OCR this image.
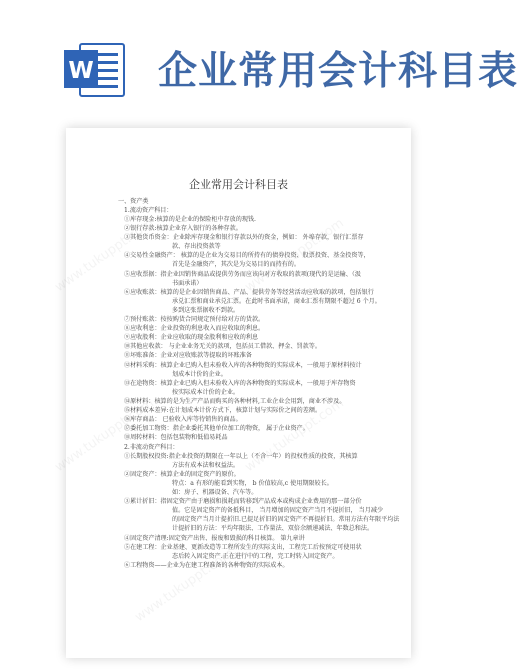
W 企业常用会计科目表
企业常用会计科目表
一、资产类
1.流动资产科目：
①库存现金:核算的是企业的保险柜中存放的现钱.
②银行存款:核算企业存入银行的各种存款。
③其他货币资金：企业除库存现金和银行存款以外的资金，例如： 外埠存款，银行汇票存
款、存出投资款等
④交易性金融资产： 核算的是企业为交易目的所持有的债券投资、股票投资、基金投资等，
首先是金融资产，其次是为交易目的而持有的。
⑤应收票据：指企业因销售商品或提供劳务而应该向对方收取的款项(现代的是运输、（汲
书面承诺）
⑥应收账款：核算的是企业因销售商品、产品、提供劳务等经营活动应收取的款项，包括银行
承兑汇票和商业承兑汇票。在此时书面承诺，商业汇票有期限不超过 6 个月。
多到这张票据收不到款。
⑦预付账款：按按购货合同规定预付给对方的货款。
⑧应收利息：企业投资的利息收入而应收取的利息。
⑨应收股利：企业应收取的现金股利和应收的利息
⑩其他应收款： 与企业业务无关的款项，包括员工借款、押金、罚款等。
⑪坏账准备：企业对应收账款等提取的坏账准备
⑫材料采购：核算企业已购入但未验收入库的各种物资的实际成本，一般用于原材料按计
划成本计价的企业。
⑬在途物资：核算企业已购入但未验收入库的各种物资的实际成本，一般用于库存物资
按实际成本计价的企业。
⑭原材料：核算的是为生产产品而购买的各种材料,工业企业会用到，商业不涉及。
⑮材料成本差异:在计划成本计价方式下，核算计划与实际价之间的差额。
⑯库存商品： 已验收入库等待销售的商品。
⑰委托加工物资：指企业委托其他单位加工的物资， 属于企业资产。
⑱周转材料：包括包装物和低值易耗品
2.非流动资产科目：
①长期股权投资:指企业投资的期限在一年以上（不含一年）的投权性质的投资，其核算
方法有成本法和权益法。
②固定资产：核算企业的固定资产的原价。
特点：a 有形的能看到实物， b 价值较高,c 使用期限较长。
如：房子、机器设备、汽车等。
③累计折旧：指固定资产由于磨损和损耗而转移到产品成本或构成企业费用的那一部分价
值。它是固定资产的备抵科目， 当月增加的固定资产当月不提折旧， 当月减少
的固定资产当月计提折旧.已提足折旧的固定资产不再提折旧。常用方法有年限平均法
计提折旧的方法：平均年限法、工作量法、双倍余额递减法、年数总和法。
④固定资产清理:固定资产出售、报废和毁损的科目核算。 第九章讲
⑤在建工程：企业基建、更新改造等工程所发生的实际支出，工程完工后按预定可使用状
态后转入固定资产.正在进行中的工程，完工时转入固定资产。
⑥工程物资——企业为在建工程准备的各种物资的实际成本。
